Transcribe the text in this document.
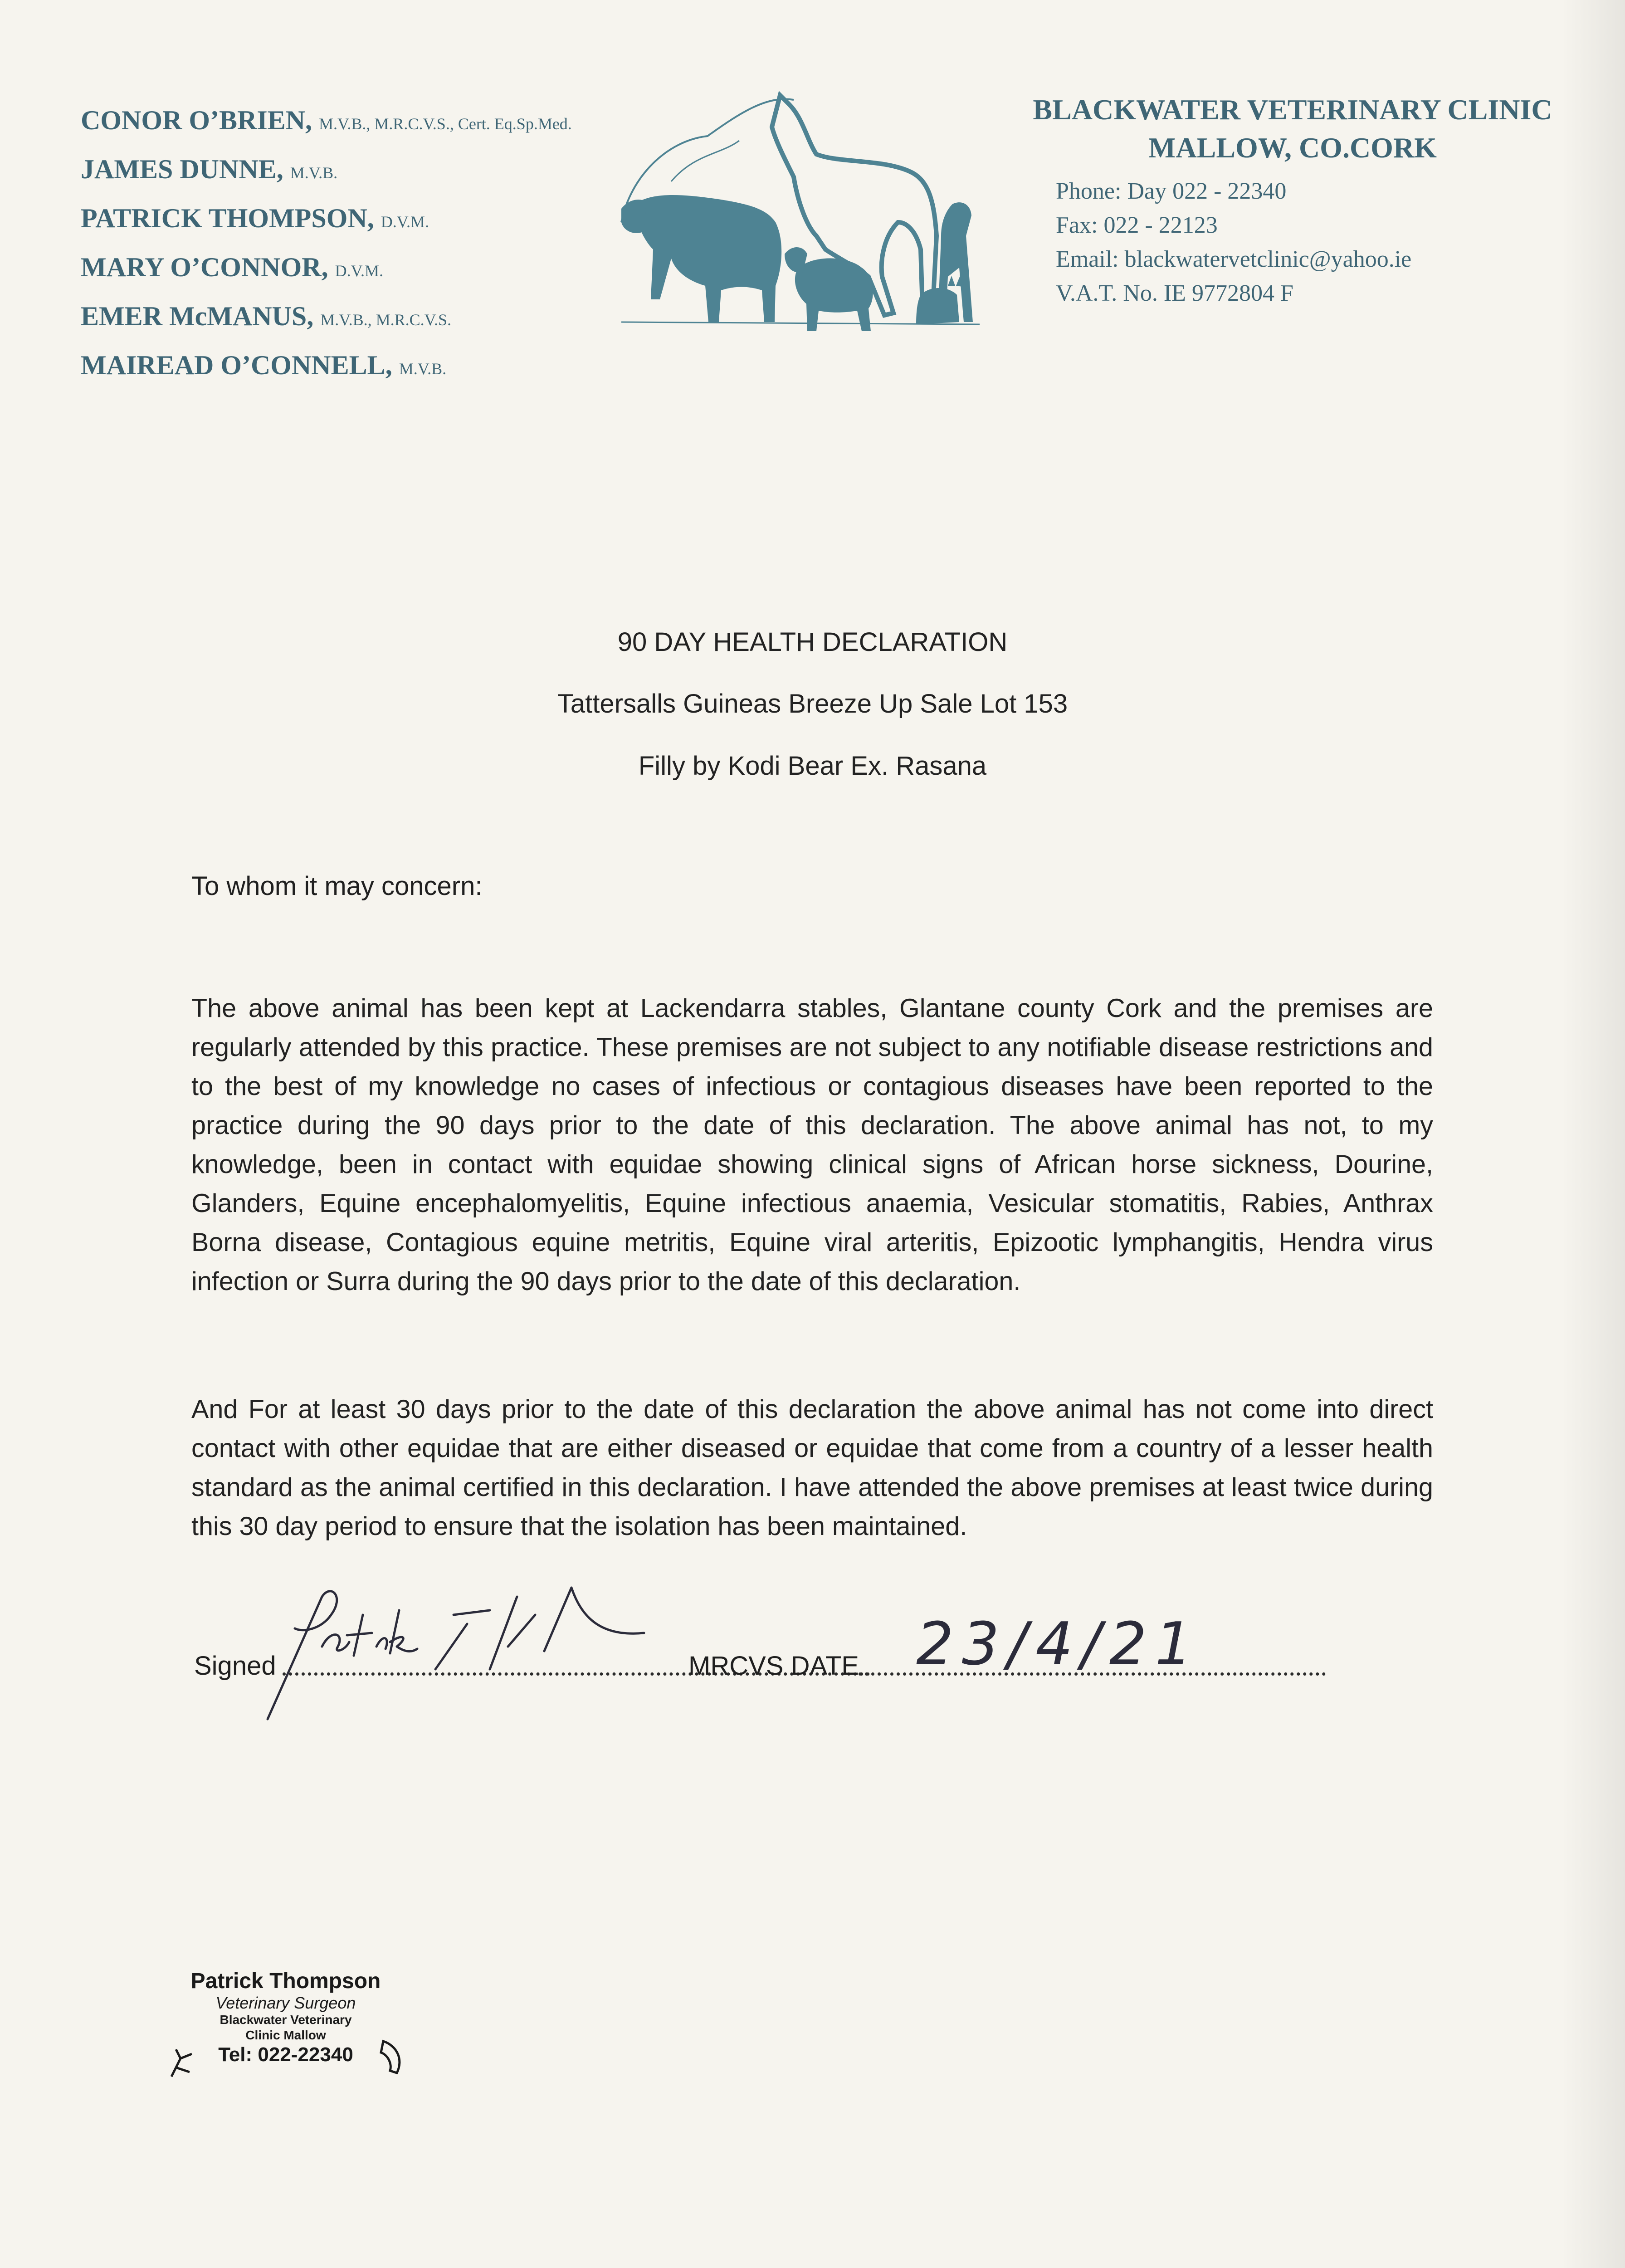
CONOR O’BRIEN, M.V.B., M.R.C.V.S., Cert. Eq.Sp.Med.
JAMES DUNNE, M.V.B.
PATRICK THOMPSON, D.V.M.
MARY O’CONNOR, D.V.M.
EMER McMANUS, M.V.B., M.R.C.V.S.
MAIREAD O’CONNELL, M.V.B.
BLACKWATER VETERINARY CLINIC
MALLOW, CO.CORK
Phone: Day 022 - 22340
Fax: 022 - 22123
Email: blackwatervetclinic@yahoo.ie
V.A.T. No. IE 9772804 F
90 DAY HEALTH DECLARATION
Tattersalls Guineas Breeze Up Sale Lot 153
Filly by Kodi Bear Ex. Rasana
To whom it may concern:
The above animal has been kept at Lackendarra stables, Glantane county Cork and the premises are regularly attended by this practice. These premises are not subject to any notifiable disease restrictions and to the best of my knowledge no cases of infectious or contagious diseases have been reported to the practice during the 90 days prior to the date of this declaration. The above animal has not, to my knowledge, been in contact with equidae showing clinical signs of African horse sickness, Dourine, Glanders, Equine encephalomyelitis, Equine infectious anaemia, Vesicular stomatitis, Rabies, Anthrax Borna disease, Contagious equine metritis, Equine viral arteritis, Epizootic lymphangitis, Hendra virus infection or Surra during the 90 days prior to the date of this declaration.
And For at least 30 days prior to the date of this declaration the above animal has not come into direct contact with other equidae that are either diseased or equidae that come from a country of a lesser health standard as the animal certified in this declaration. I have attended the above premises at least twice during this 30 day period to ensure that the isolation has been maintained.
Signed	MRCVS DATE 23/4/21
Patrick Thompson
Veterinary Surgeon
Blackwater Veterinary
Clinic Mallow
Tel: 022-22340
